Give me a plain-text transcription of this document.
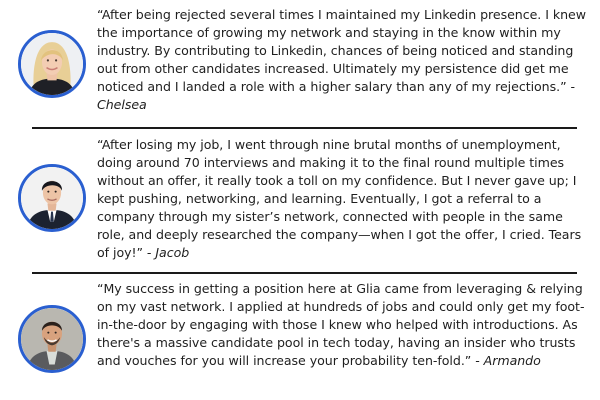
“After being rejected several times I maintained my Linkedin presence. I knew the importance of growing my network and staying in the know within my industry. By contributing to Linkedin, chances of being noticed and standing out from other candidates increased. Ultimately my persistence did get me noticed and I landed a role with a higher salary than any of my rejections.” - Chelsea

“After losing my job, I went through nine brutal months of unemployment, doing around 70 interviews and making it to the final round multiple times without an offer, it really took a toll on my confidence. But I never gave up; I kept pushing, networking, and learning. Eventually, I got a referral to a company through my sister’s network, connected with people in the same role, and deeply researched the company—when I got the offer, I cried. Tears of joy!” - Jacob

“My success in getting a position here at Glia came from leveraging & relying on my vast network. I applied at hundreds of jobs and could only get my foot-in-the-door by engaging with those I knew who helped with introductions. As there's a massive candidate pool in tech today, having an insider who trusts and vouches for you will increase your probability ten-fold.” - Armando
